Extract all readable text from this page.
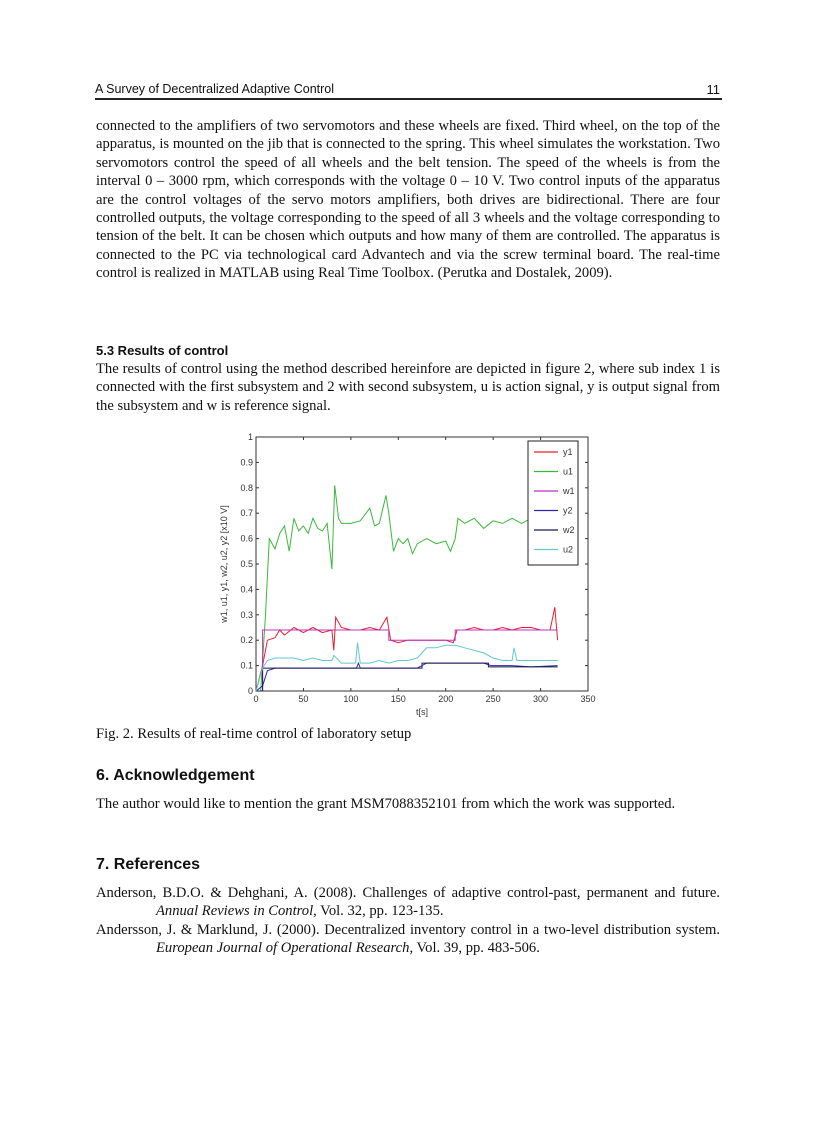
A Survey of Decentralized Adaptive Control	11
connected to the amplifiers of two servomotors and these wheels are fixed. Third wheel, on the top of the apparatus, is mounted on the jib that is connected to the spring. This wheel simulates the workstation. Two servomotors control the speed of all wheels and the belt tension. The speed of the wheels is from the interval 0 – 3000 rpm, which corresponds with the voltage 0 – 10 V. Two control inputs of the apparatus are the control voltages of the servo motors amplifiers, both drives are bidirectional. There are four controlled outputs, the voltage corresponding to the speed of all 3 wheels and the voltage corresponding to tension of the belt. It can be chosen which outputs and how many of them are controlled. The apparatus is connected to the PC via technological card Advantech and via the screw terminal board. The real-time control is realized in MATLAB using Real Time Toolbox. (Perutka and Dostalek, 2009).
5.3 Results of control
The results of control using the method described hereinfore are depicted in figure 2, where sub index 1 is connected with the first subsystem and 2 with second subsystem, u is action signal, y is output signal from the subsystem and w is reference signal.
0	50	100	150	200	250	300	350
0
0.1
0.2
0.3
0.4
0.5
0.6
0.7
0.8
0.9
1
t[s]
w1, u1, y1, w2, u2, y2 [x10 V]
y1
u1
w1
y2
w2
u2
Fig. 2. Results of real-time control of laboratory setup
6. Acknowledgement
The author would like to mention the grant MSM7088352101 from which the work was supported.
7. References
Anderson, B.D.O. & Dehghani, A. (2008). Challenges of adaptive control-past, permanent and future. Annual Reviews in Control, Vol. 32, pp. 123-135.
Andersson, J. & Marklund, J. (2000). Decentralized inventory control in a two-level distribution system. European Journal of Operational Research, Vol. 39, pp. 483-506.
